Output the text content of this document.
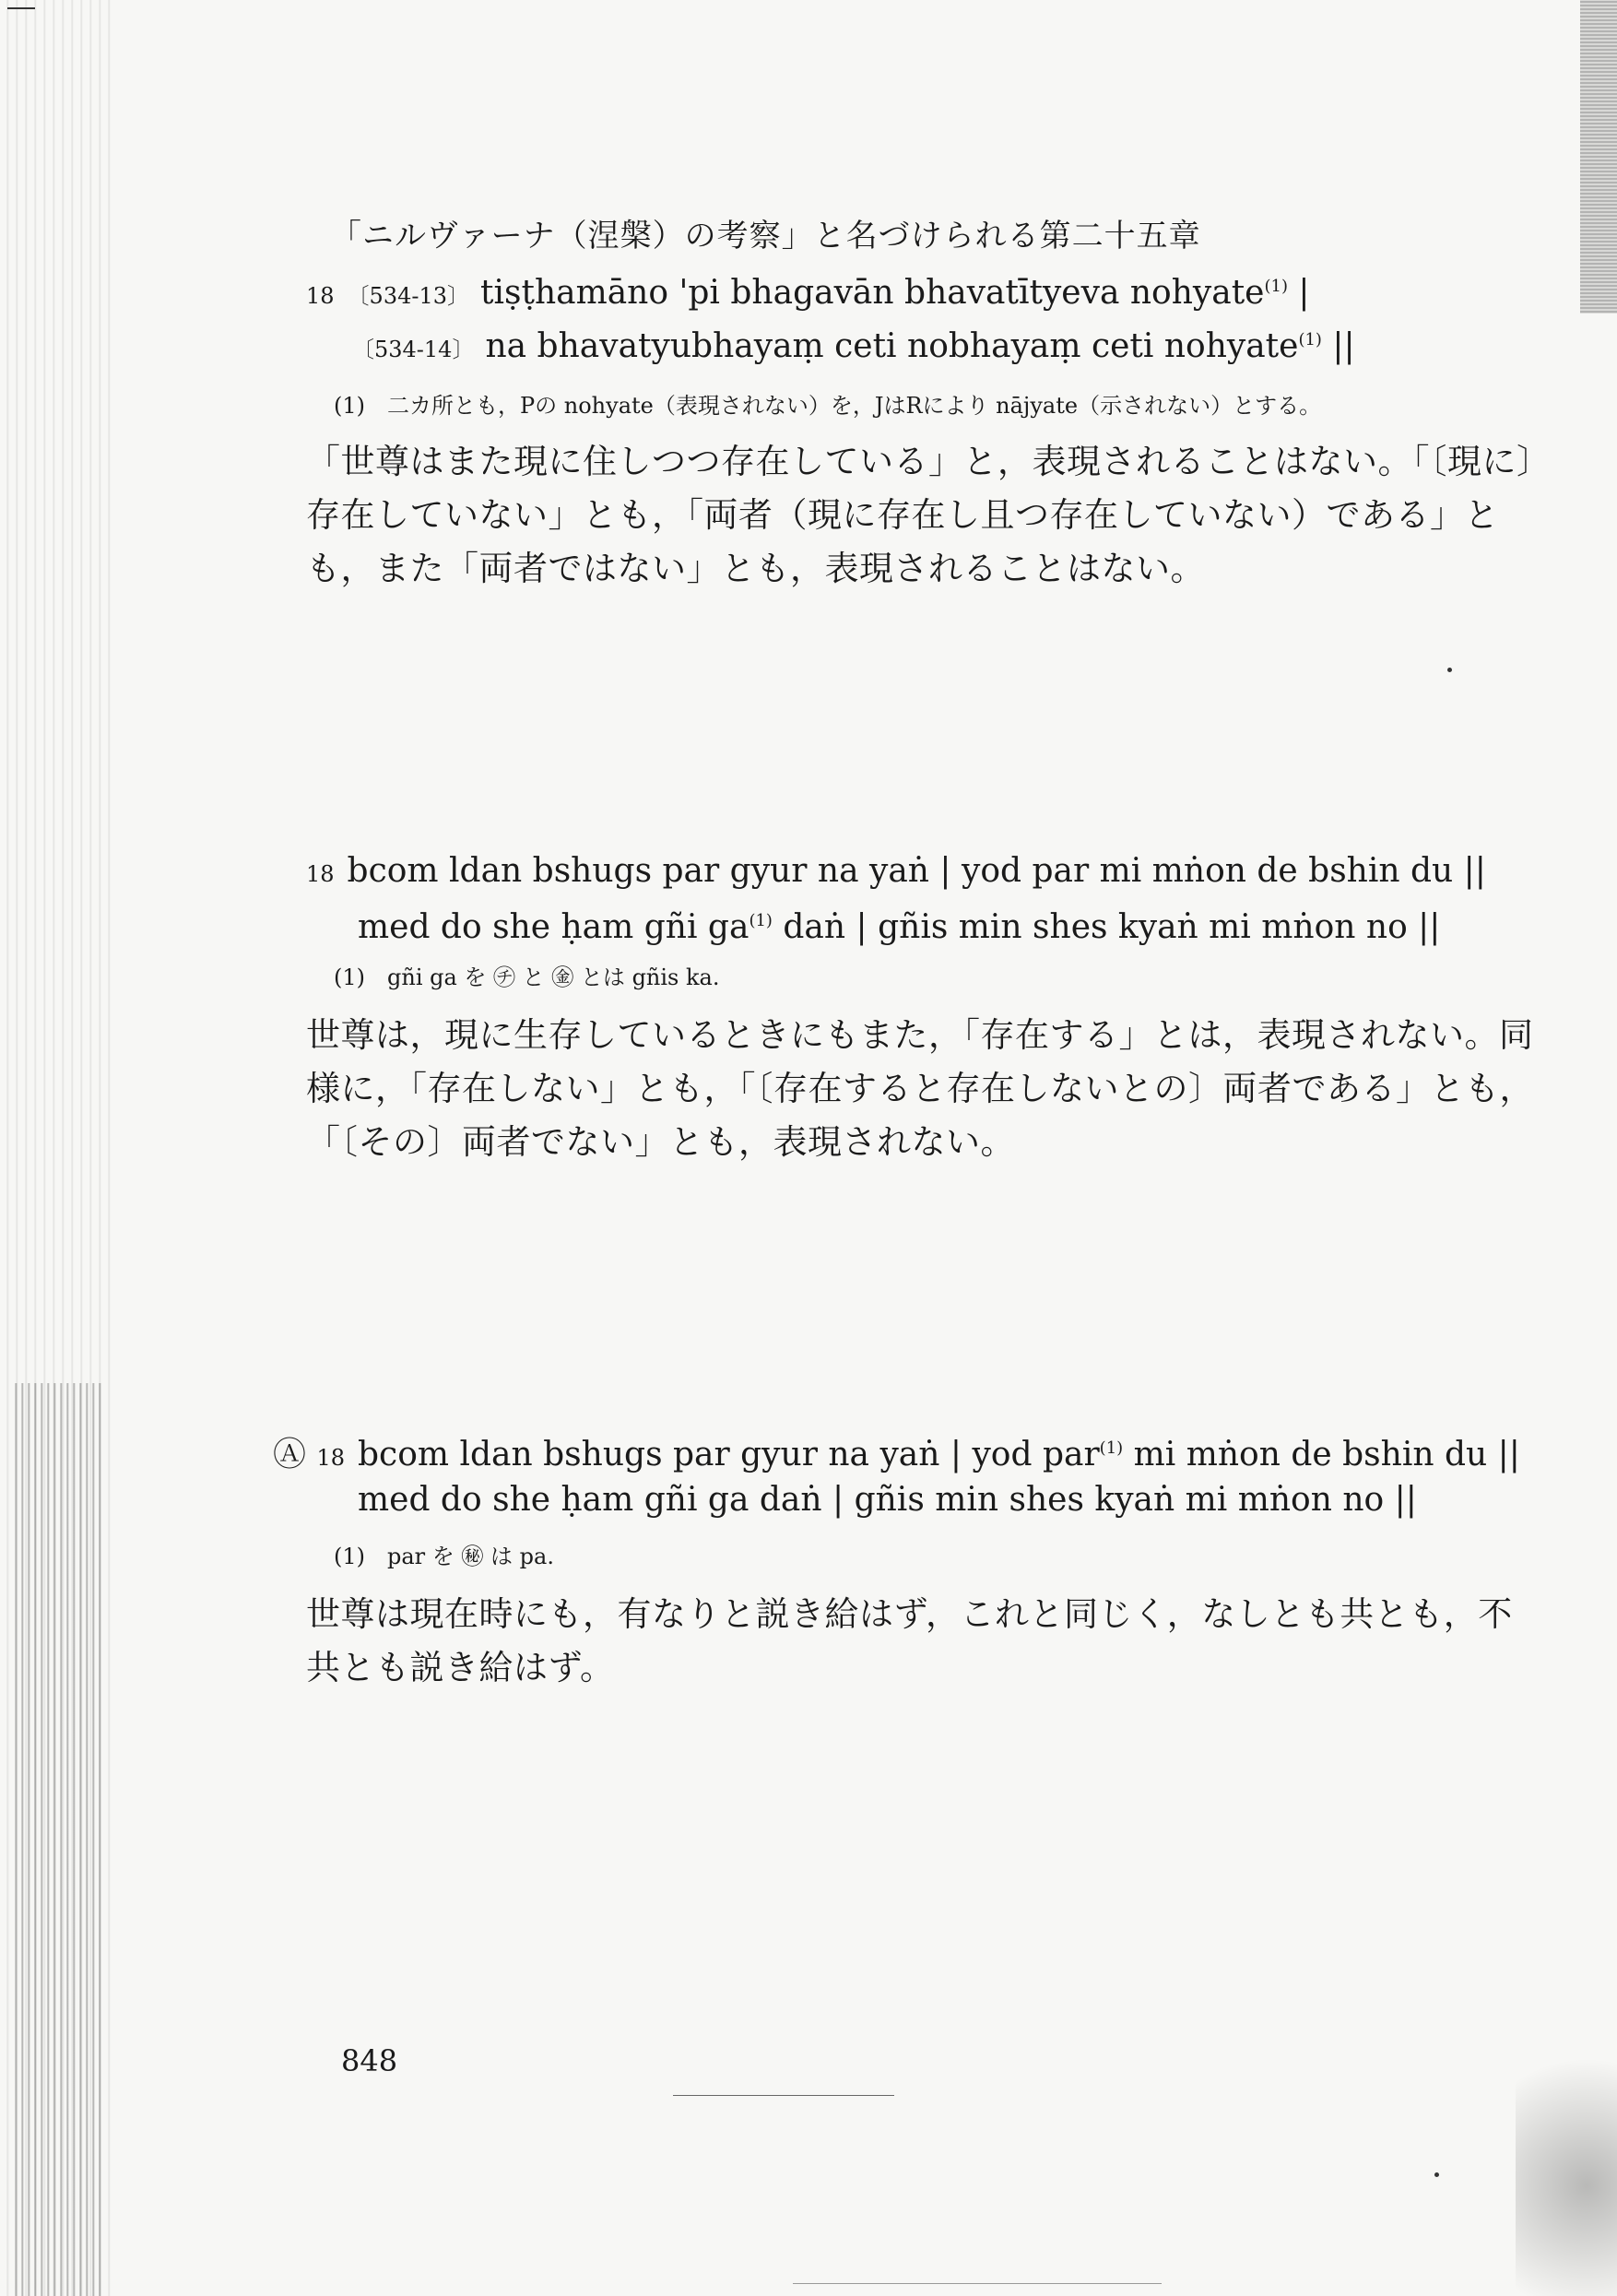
「ニルヴァーナ（涅槃）の考察」と名づけられる第二十五章
18 〔534-13〕 tiṣṭhamāno 'pi bhagavān bhavatītyeva nohyate$^{(1)}$ |
〔534-14〕 na bhavatyubhayaṃ ceti nobhayaṃ ceti nohyate$^{(1)}$ ||
(1)　二カ所とも，Pの nohyate（表現されない）を，JはRにより nājyate（示されない）とする。
「世尊はまた現に住しつつ存在している」と，表現されることはない。「〔現に〕存在していない」とも，「両者（現に存在し且つ存在していない）である」とも，また「両者ではない」とも，表現されることはない。
18 bcom ldan bshugs par gyur na yaṅ | yod par mi mṅon de bshin du ||
med do she ḥam gñi $ga^{(1)}$ daṅ | gñis min shes kyaṅ mi mṅon no ||
(1)　gñi ga を ㋠ と ㊎ とは gñis ka.
世尊は，現に生存しているときにもまた，「存在する」とは，表現されない。同様に，「存在しない」とも，「〔存在すると存在しないとの〕両者である」とも，「〔その〕両者でない」とも，表現されない。
Ⓐ 18 bcom ldan bshugs par gyur na yaṅ | yod par$^{(1)}$ mi mṅon de bshin du ||
med do she ḥam gñi ga daṅ | gñis min shes kyaṅ mi mṅon no ||
(1)　par を ㊙ は pa.
世尊は現在時にも，有なりと説き給はず，これと同じく，なしとも共とも，不共とも説き給はず。
848
